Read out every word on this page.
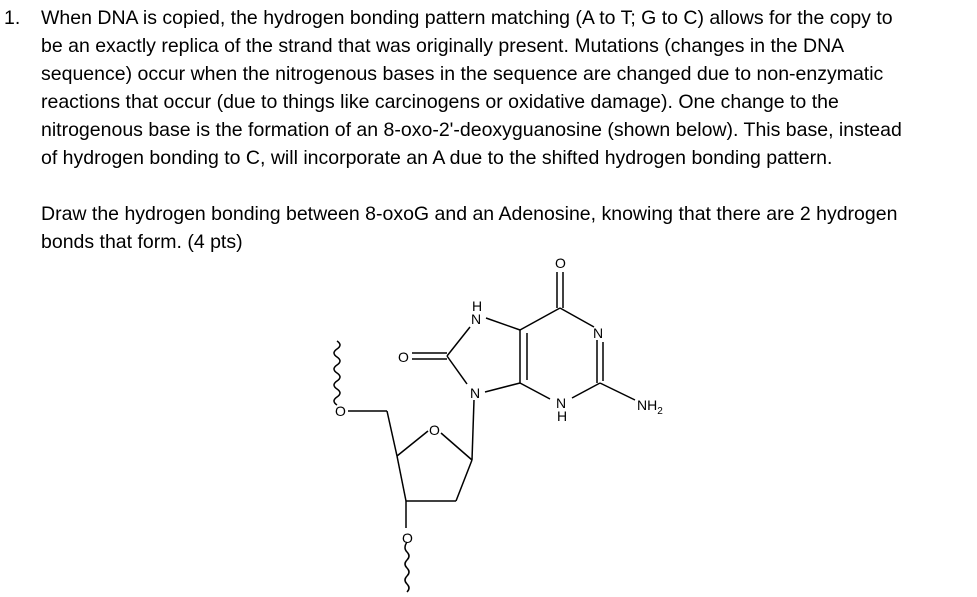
1. When DNA is copied, the hydrogen bonding pattern matching (A to T; G to C) allows for the copy to
be an exactly replica of the strand that was originally present. Mutations (changes in the DNA
sequence) occur when the nitrogenous bases in the sequence are changed due to non-enzymatic
reactions that occur (due to things like carcinogens or oxidative damage). One change to the
nitrogenous base is the formation of an 8-oxo-2'-deoxyguanosine (shown below). This base, instead
of hydrogen bonding to C, will incorporate an A due to the shifted hydrogen bonding pattern.
Draw the hydrogen bonding between 8-oxoG and an Adenosine, knowing that there are 2 hydrogen
bonds that form. (4 pts)
O
H
N
N
O
N
N
H
$NH_2$
O
O
O
